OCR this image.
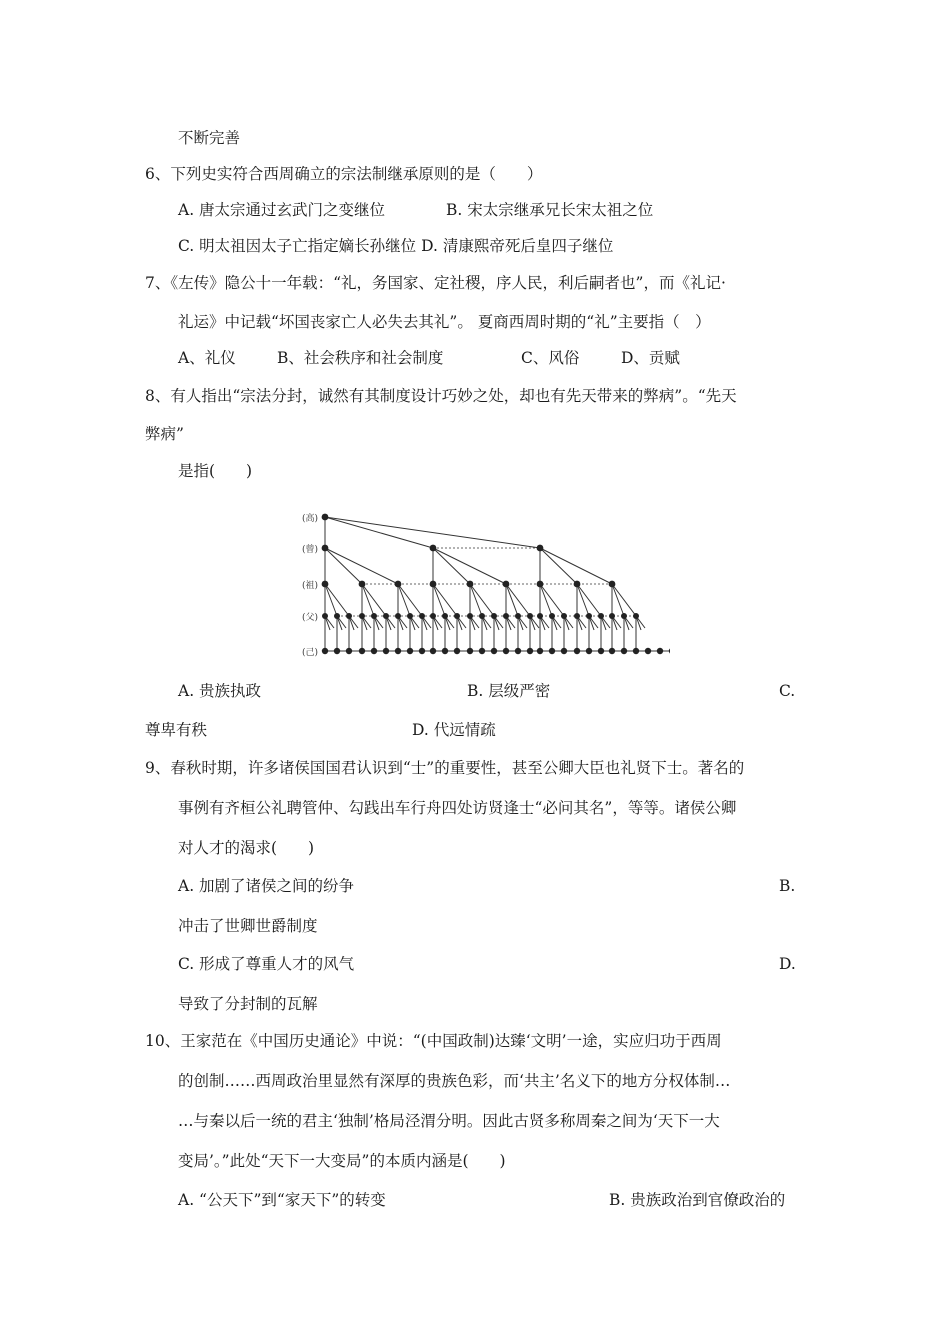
不断完善
6、下列史实符合西周确立的宗法制继承原则的是（　　）
A. 唐太宗通过玄武门之变继位	B. 宋太宗继承兄长宋太祖之位
C. 明太祖因太子亡指定嫡长孙继位 D. 清康熙帝死后皇四子继位
7、《左传》隐公十一年载：“礼，务国家、定社稷，序人民，利后嗣者也”，而《礼记·
礼运》中记载“坏国丧家亡人必失去其礼”。 夏商西周时期的“礼”主要指（　）
A、礼仪	B、社会秩序和社会制度	C、风俗	D、贡赋
8、有人指出“宗法分封，诚然有其制度设计巧妙之处，却也有先天带来的弊病”。“先天
弊病”
是指(　　)
(高)
(曾)
(祖)
(父)
(己)
A. 贵族执政	B. 层级严密	C.
尊卑有秩	D. 代远情疏
9、春秋时期，许多诸侯国国君认识到“士”的重要性，甚至公卿大臣也礼贤下士。著名的
事例有齐桓公礼聘管仲、勾践出车行舟四处访贤逢士“必问其名”，等等。诸侯公卿
对人才的渴求(　　)
A. 加剧了诸侯之间的纷争	B.
冲击了世卿世爵制度
C. 形成了尊重人才的风气	D.
导致了分封制的瓦解
10、王家范在《中国历史通论》中说：“(中国政制)达臻‘文明’一途，实应归功于西周
的创制……西周政治里显然有深厚的贵族色彩，而‘共主’名义下的地方分权体制…
…与秦以后一统的君主‘独制’格局泾渭分明。因此古贤多称周秦之间为‘天下一大
变局’。”此处“天下一大变局”的本质内涵是(　　)
A. “公天下”到“家天下”的转变	B. 贵族政治到官僚政治的
